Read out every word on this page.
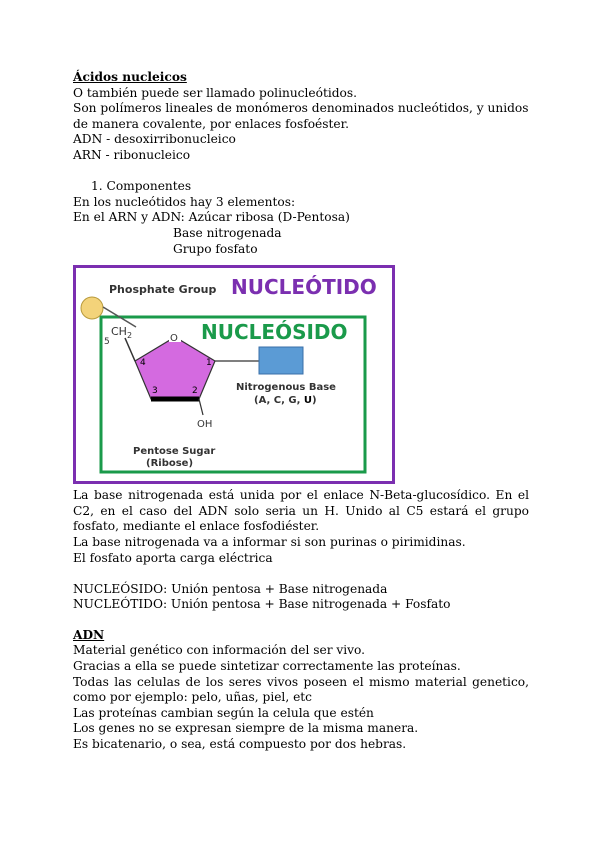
Ácidos nucleicos

O también puede ser llamado polinucleótidos.

Son polímeros lineales de monómeros denominados nucleótidos, y unidos de manera covalente, por enlaces fosfoéster.

ADN - desoxirribonucleico

ARN - ribonucleico

1. Componentes

En los nucleótidos hay 3 elementos:

En el ARN y ADN: Azúcar ribosa (D-Pentosa)

Base nitrogenada

Grupo fosfato

Phosphate Group NUCLEÓTIDO
NUCLEÓSIDO
$CH_2$
5	O
4
3	2
1
OH
Nitrogenous Base
(A, C, G, U)
Pentose Sugar
(Ribose)

La base nitrogenada está unida por el enlace N-Beta-glucosídico. En el C2, en el caso del ADN solo seria un H. Unido al C5 estará el grupo fosfato, mediante el enlace fosfodiéster.

La base nitrogenada va a informar si son purinas o pirimidinas.

El fosfato aporta carga eléctrica

NUCLEÓSIDO: Unión pentosa + Base nitrogenada

NUCLEÓTIDO: Unión pentosa + Base nitrogenada + Fosfato

ADN

Material genético con información del ser vivo.

Gracias a ella se puede sintetizar correctamente las proteínas.

Todas las celulas de los seres vivos poseen el mismo material genetico, como por ejemplo: pelo, uñas, piel, etc

Las proteínas cambian según la celula que estén

Los genes no se expresan siempre de la misma manera.

Es bicatenario, o sea, está compuesto por dos hebras.
